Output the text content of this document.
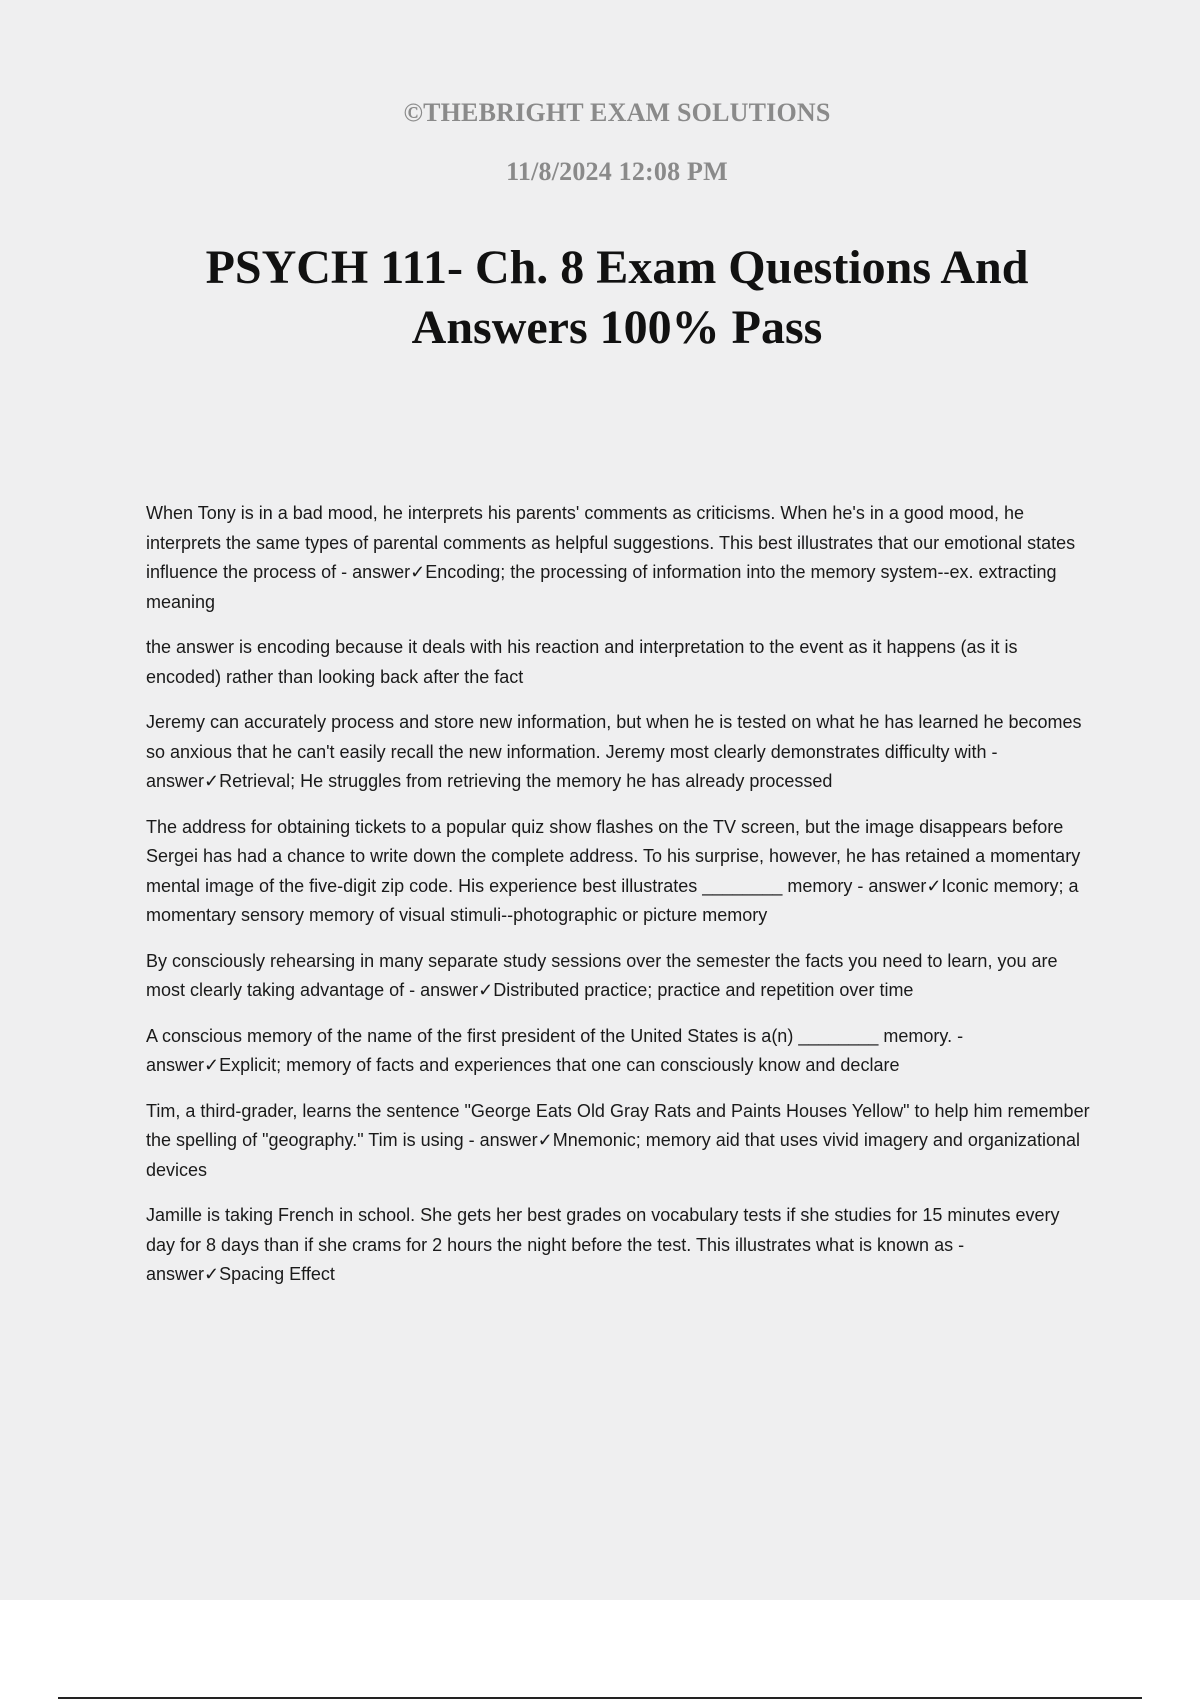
©THEBRIGHT EXAM SOLUTIONS
11/8/2024 12:08 PM
PSYCH 111- Ch. 8 Exam Questions And Answers 100% Pass

When Tony is in a bad mood, he interprets his parents' comments as criticisms. When he's in a good mood, he interprets the same types of parental comments as helpful suggestions. This best illustrates that our emotional states influence the process of - answer✓Encoding; the processing of information into the memory system--ex. extracting meaning

the answer is encoding because it deals with his reaction and interpretation to the event as it happens (as it is encoded) rather than looking back after the fact

Jeremy can accurately process and store new information, but when he is tested on what he has learned he becomes so anxious that he can't easily recall the new information. Jeremy most clearly demonstrates difficulty with - answer✓Retrieval; He struggles from retrieving the memory he has already processed

The address for obtaining tickets to a popular quiz show flashes on the TV screen, but the image disappears before Sergei has had a chance to write down the complete address. To his surprise, however, he has retained a momentary mental image of the five-digit zip code. His experience best illustrates ________ memory - answer✓Iconic memory; a momentary sensory memory of visual stimuli--photographic or picture memory

By consciously rehearsing in many separate study sessions over the semester the facts you need to learn, you are most clearly taking advantage of - answer✓Distributed practice; practice and repetition over time

A conscious memory of the name of the first president of the United States is a(n) ________ memory. - answer✓Explicit; memory of facts and experiences that one can consciously know and declare

Tim, a third-grader, learns the sentence "George Eats Old Gray Rats and Paints Houses Yellow" to help him remember the spelling of "geography." Tim is using - answer✓Mnemonic; memory aid that uses vivid imagery and organizational devices

Jamille is taking French in school. She gets her best grades on vocabulary tests if she studies for 15 minutes every day for 8 days than if she crams for 2 hours the night before the test. This illustrates what is known as - answer✓Spacing Effect
